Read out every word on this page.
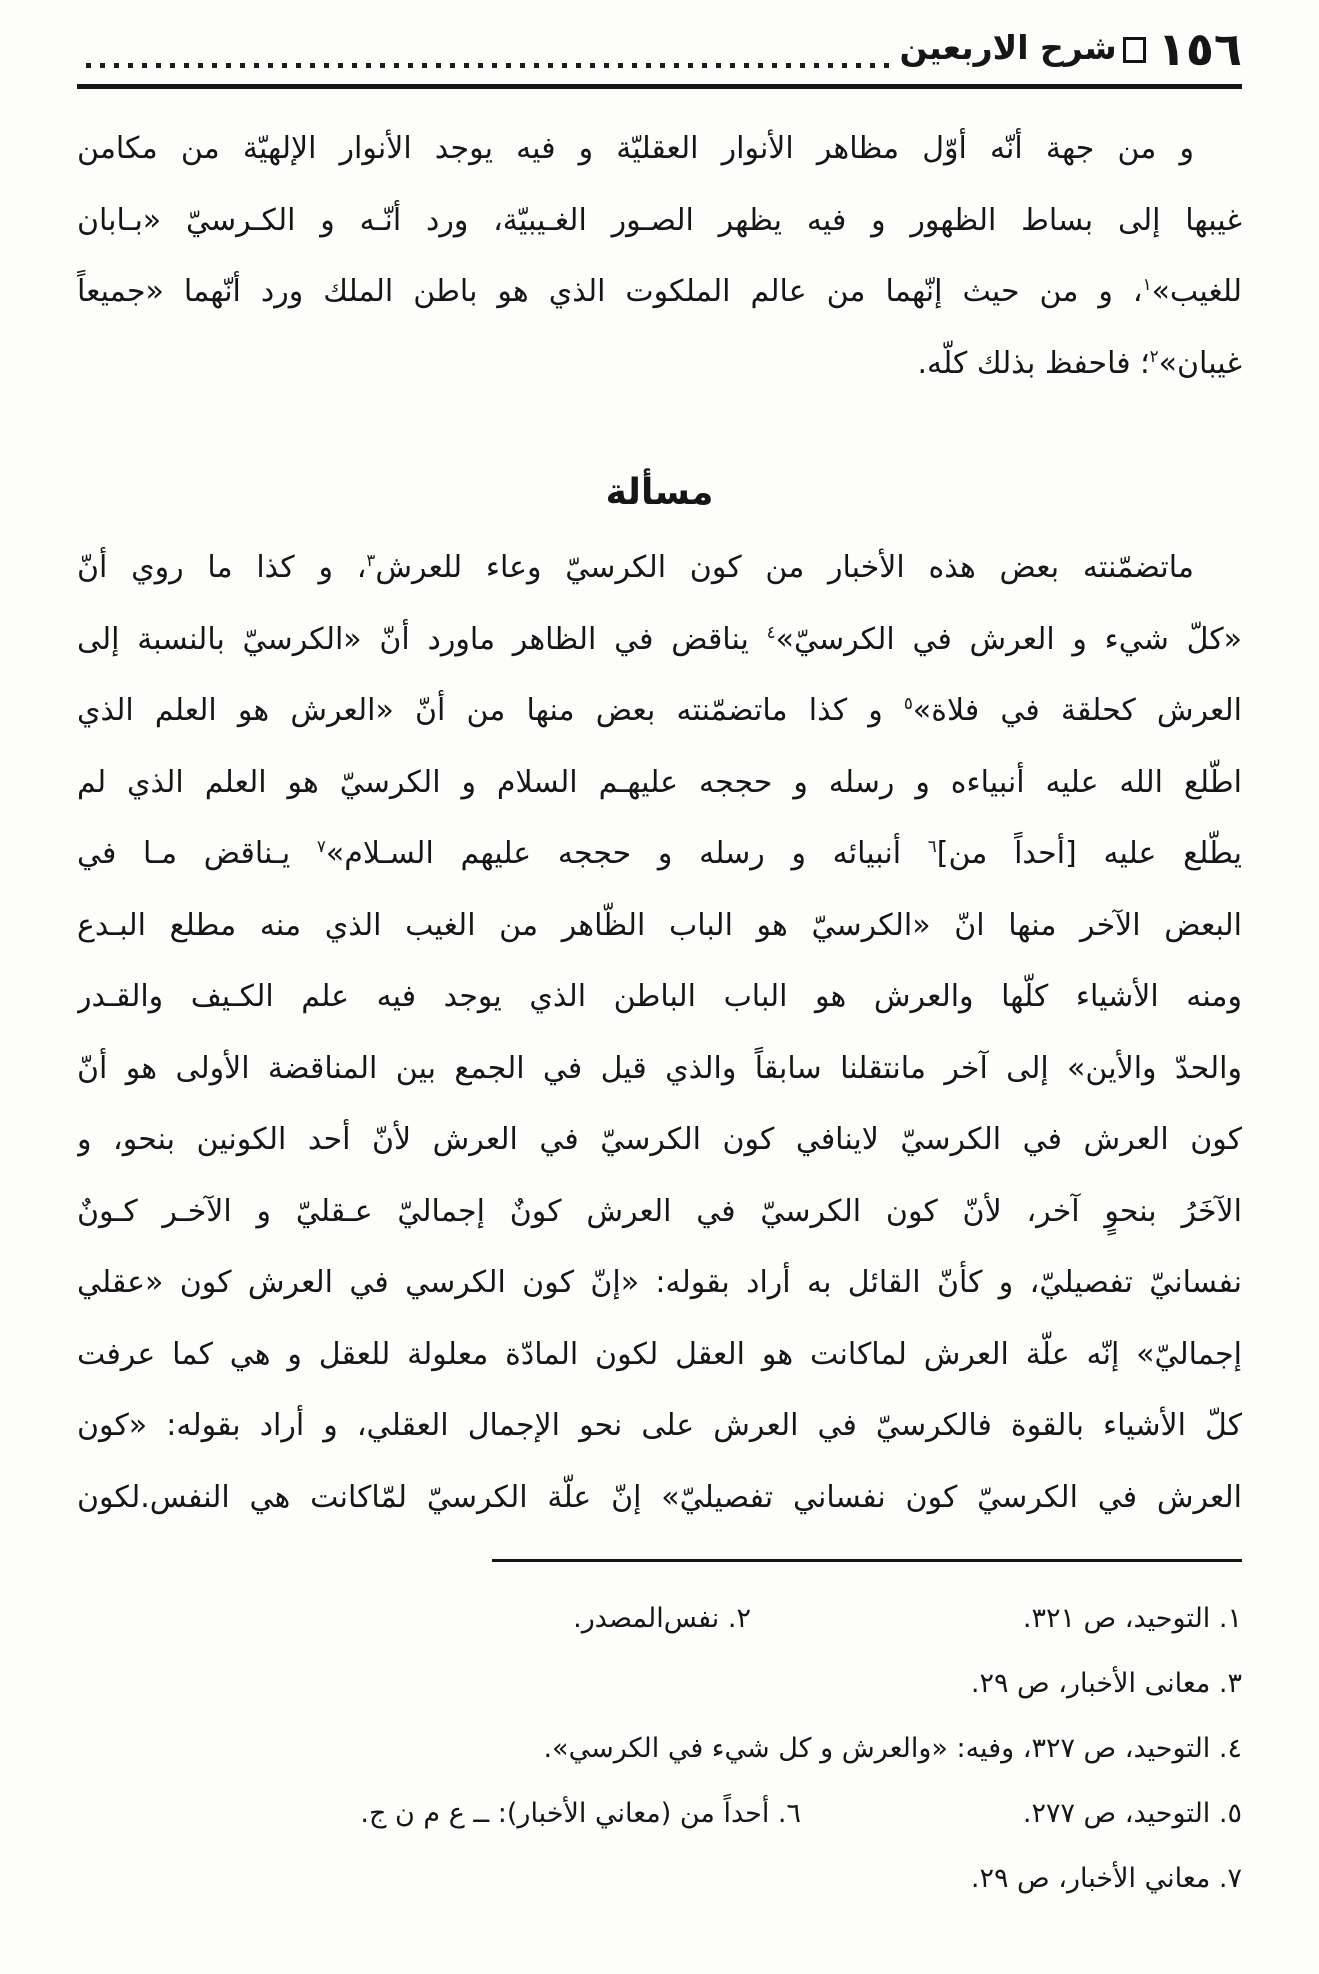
١٥٦
شرح الاربعين
و من جهة أنّه أوّل مظاهر الأنوار العقليّة و فيه يوجد الأنوار الإلهيّة من مكامن
غيبها إلى بساط الظهور و فيه يظهر الصـور الغـيبيّة، ورد أنّـه و الكـرسيّ «بـابان
للغيب»$^١$، و من حيث إنّهما من عالم الملكوت الذي هو باطن الملك ورد أنّهما «جميعاً
غيبان»$^٢$؛ فاحفظ بذلك كلّه.
مسألة
ماتضمّنته بعض هذه الأخبار من كون الكرسيّ وعاء للعرش$^٣$، و كذا ما روي أنّ
«كلّ شيء و العرش في الكرسيّ»$^٤$ يناقض في الظاهر ماورد أنّ «الكرسيّ بالنسبة إلى
العرش كحلقة في فلاة»$^٥$ و كذا ماتضمّنته بعض منها من أنّ «العرش هو العلم الذي
اطّلع الله عليه أنبياءه و رسله و حججه عليهـم السلام و الكرسيّ هو العلم الذي لم
يطّلع عليه [أحداً من]$^٦$ أنبيائه و رسله و حججه عليهم السـلام»$^٧$ يـناقض مـا في
البعض الآخر منها انّ «الكرسيّ هو الباب الظّاهر من الغيب الذي منه مطلع البـدع
ومنه الأشياء كلّها والعرش هو الباب الباطن الذي يوجد فيه علم الكـيف والقـدر
والحدّ والأين» إلى آخر مانتقلنا سابقاً والذي قيل في الجمع بين المناقضة الأولى هو أنّ
كون العرش في الكرسيّ لاينافي كون الكرسيّ في العرش لأنّ أحد الكونين بنحو، و
الآخَرُ بنحوٍ آخر، لأنّ كون الكرسيّ في العرش كونٌ إجماليّ عـقليّ و الآخـر كـونٌ
نفسانيّ تفصيليّ، و كأنّ القائل به أراد بقوله: «إنّ كون الكرسي في العرش كون «عقلي
إجماليّ» إنّه علّة العرش لماكانت هو العقل لكون المادّة معلولة للعقل و هي كما عرفت
كلّ الأشياء بالقوة فالكرسيّ في العرش على نحو الإجمال العقلي، و أراد بقوله: «كون
العرش في الكرسيّ كون نفساني تفصيليّ» إنّ علّة الكرسيّ لمّاكانت هي النفس.لكون
١. التوحيد، ص ٣٢١.
٢. نفس‌المصدر.
٣. معانى الأخبار، ص ٢٩.
٤. التوحيد، ص ٣٢٧، وفيه: «والعرش و كل شيء في الكرسي».
٥. التوحيد، ص ٢٧٧.
٦. أحداً من (معاني الأخبار): ــ ع م ن ج.
٧. معاني الأخبار، ص ٢٩.
